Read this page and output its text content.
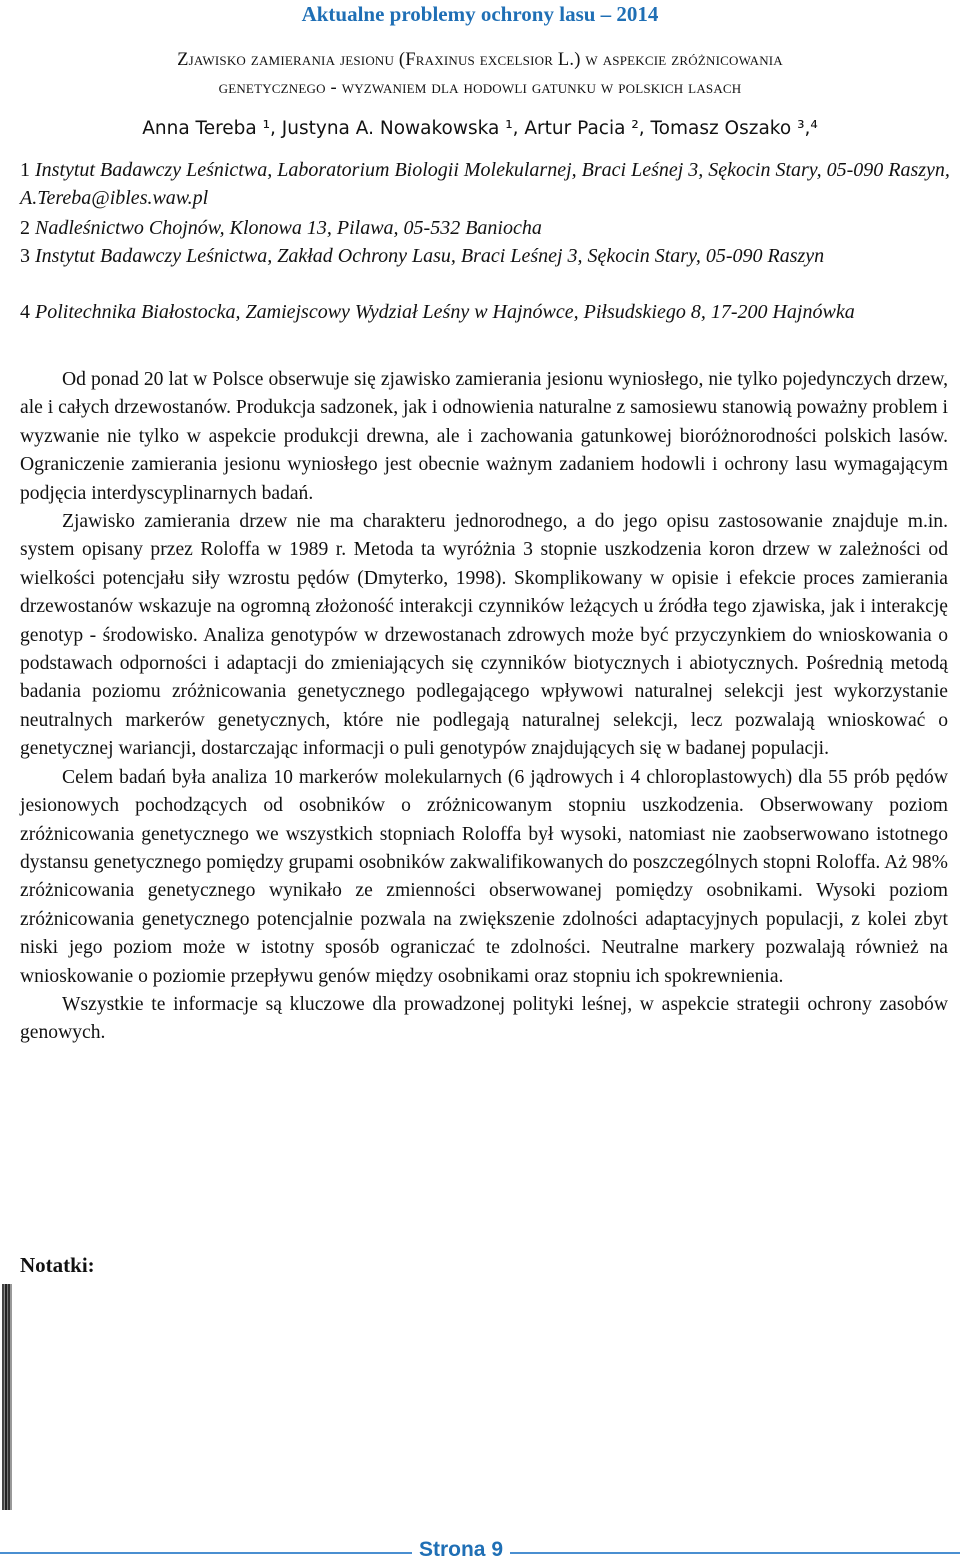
Aktualne problemy ochrony lasu – 2014
Zjawisko zamierania jesionu (Fraxinus excelsior L.) w aspekcie zróżnicowania
genetycznego - wyzwaniem dla hodowli gatunku w polskich lasach
Anna Tereba ¹, Justyna A. Nowakowska ¹, Artur Pacia ², Tomasz Oszako ³,⁴
1 Instytut Badawczy Leśnictwa, Laboratorium Biologii Molekularnej, Braci Leśnej 3, Sękocin Stary, 05-090 Raszyn, A.Tereba@ibles.waw.pl
2 Nadleśnictwo Chojnów, Klonowa 13, Pilawa, 05-532 Baniocha
3 Instytut Badawczy Leśnictwa, Zakład Ochrony Lasu, Braci Leśnej 3, Sękocin Stary, 05-090 Raszyn
4 Politechnika Białostocka, Zamiejscowy Wydział Leśny w Hajnówce, Piłsudskiego 8, 17-200 Hajnówka

Od ponad 20 lat w Polsce obserwuje się zjawisko zamierania jesionu wyniosłego, nie tylko pojedynczych drzew, ale i całych drzewostanów. Produkcja sadzonek, jak i odnowienia naturalne z samosiewu stanowią poważny problem i wyzwanie nie tylko w aspekcie produkcji drewna, ale i zachowania gatunkowej bioróżnorodności polskich lasów. Ograniczenie zamierania jesionu wyniosłego jest obecnie ważnym zadaniem hodowli i ochrony lasu wymagającym podjęcia interdyscyplinarnych badań.

Zjawisko zamierania drzew nie ma charakteru jednorodnego, a do jego opisu zastosowanie znajduje m.in. system opisany przez Roloffa w 1989 r. Metoda ta wyróżnia 3 stopnie uszkodzenia koron drzew w zależności od wielkości potencjału siły wzrostu pędów (Dmyterko, 1998). Skomplikowany w opisie i efekcie proces zamierania drzewostanów wskazuje na ogromną złożoność interakcji czynników leżących u źródła tego zjawiska, jak i interakcję genotyp - środowisko. Analiza genotypów w drzewostanach zdrowych może być przyczynkiem do wnioskowania o podstawach odporności i adaptacji do zmieniających się czynników biotycznych i abiotycznych. Pośrednią metodą badania poziomu zróżnicowania genetycznego podlegającego wpływowi naturalnej selekcji jest wykorzystanie neutralnych markerów genetycznych, które nie podlegają naturalnej selekcji, lecz pozwalają wnioskować o genetycznej wariancji, dostarczając informacji o puli genotypów znajdujących się w badanej populacji.

Celem badań była analiza 10 markerów molekularnych (6 jądrowych i 4 chloroplastowych) dla 55 prób pędów jesionowych pochodzących od osobników o zróżnicowanym stopniu uszkodzenia. Obserwowany poziom zróżnicowania genetycznego we wszystkich stopniach Roloffa był wysoki, natomiast nie zaobserwowano istotnego dystansu genetycznego pomiędzy grupami osobników zakwalifikowanych do poszczególnych stopni Roloffa. Aż 98% zróżnicowania genetycznego wynikało ze zmienności obserwowanej pomiędzy osobnikami. Wysoki poziom zróżnicowania genetycznego potencjalnie pozwala na zwiększenie zdolności adaptacyjnych populacji, z kolei zbyt niski jego poziom może w istotny sposób ograniczać te zdolności. Neutralne markery pozwalają również na wnioskowanie o poziomie przepływu genów między osobnikami oraz stopniu ich spokrewnienia.

Wszystkie te informacje są kluczowe dla prowadzonej polityki leśnej, w aspekcie strategii ochrony zasobów genowych.

Notatki:
Strona 9
